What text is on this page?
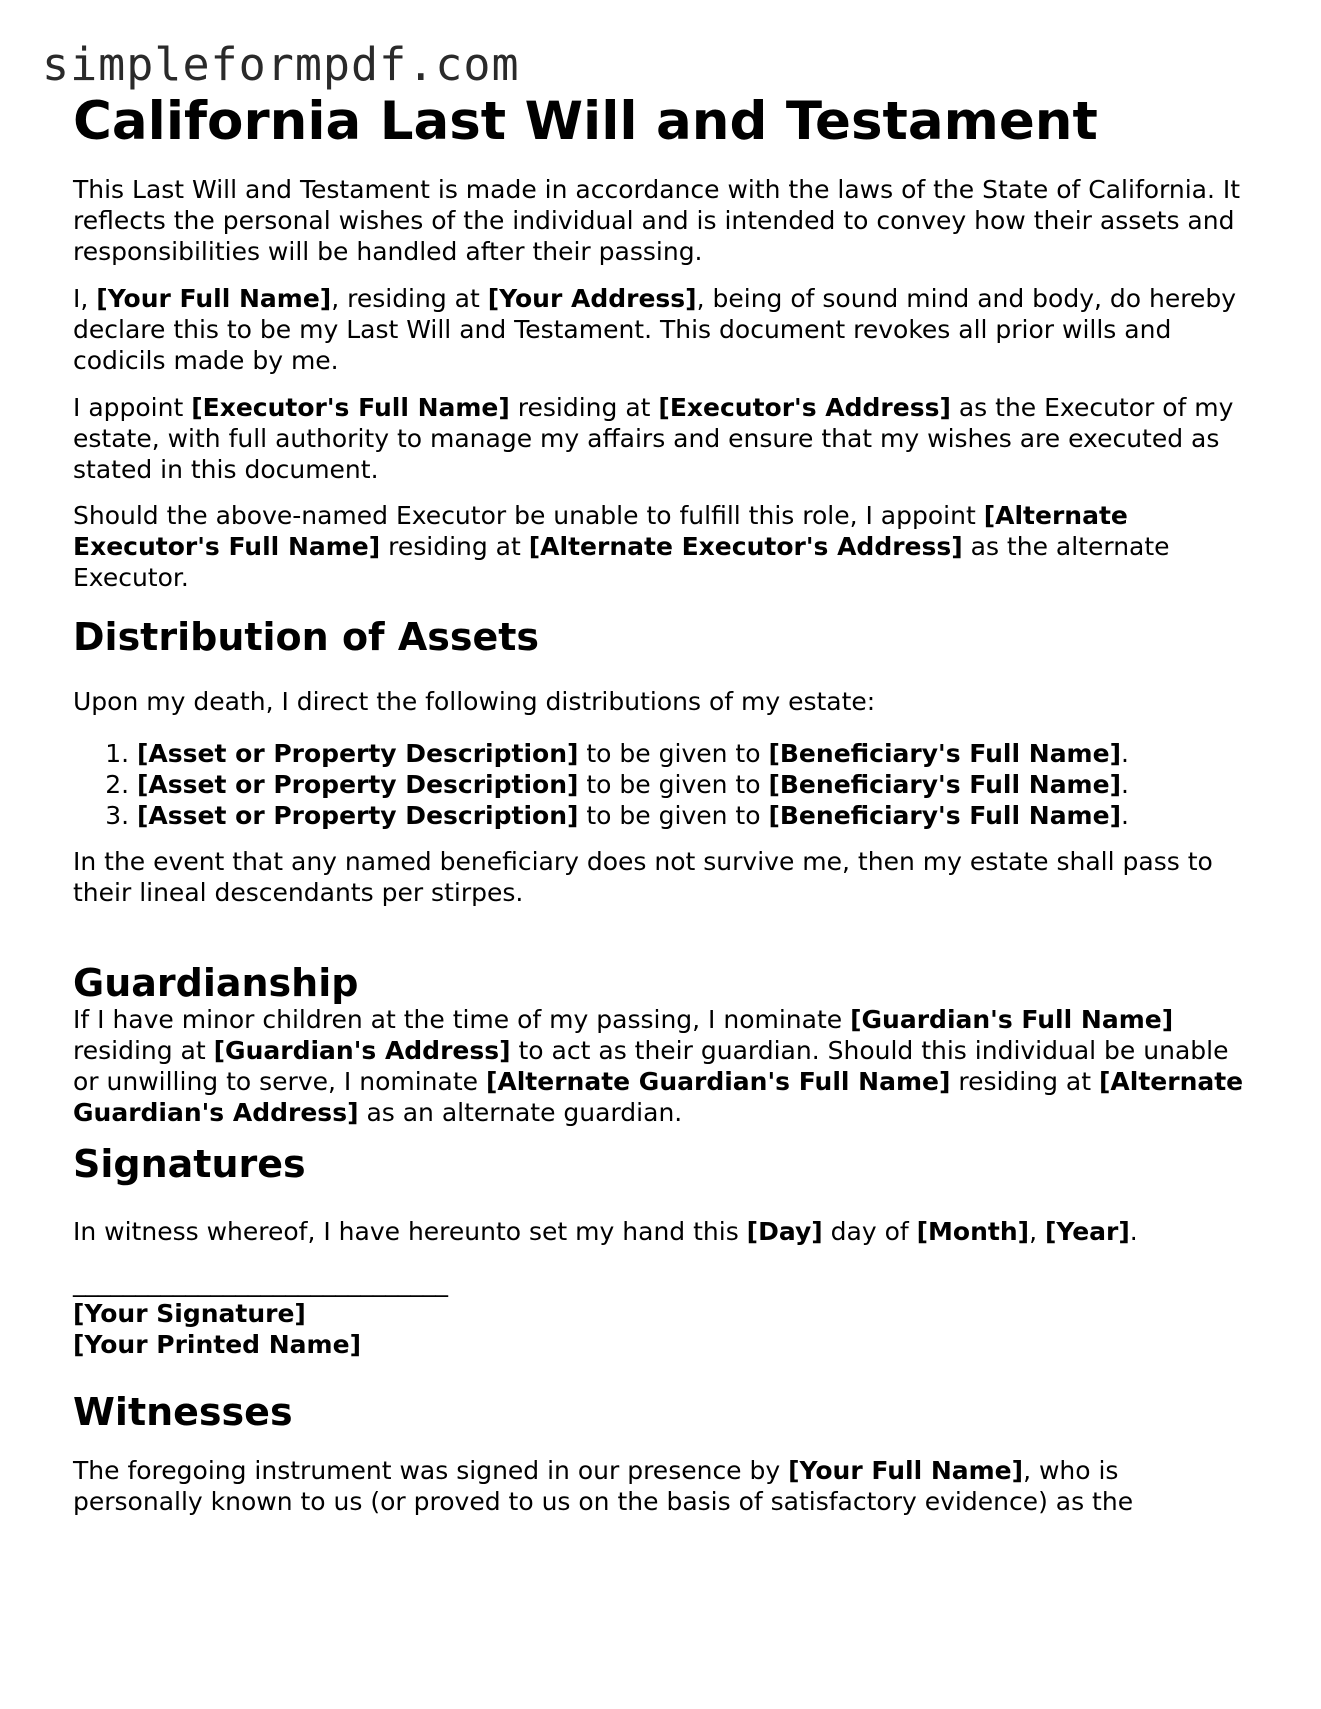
simpleformpdf.com
California Last Will and Testament

This Last Will and Testament is made in accordance with the laws of the State of California. It reflects the personal wishes of the individual and is intended to convey how their assets and responsibilities will be handled after their passing.

I, [Your Full Name], residing at [Your Address], being of sound mind and body, do hereby declare this to be my Last Will and Testament. This document revokes all prior wills and codicils made by me.

I appoint [Executor's Full Name] residing at [Executor's Address] as the Executor of my estate, with full authority to manage my affairs and ensure that my wishes are executed as stated in this document.

Should the above-named Executor be unable to fulfill this role, I appoint [Alternate Executor's Full Name] residing at [Alternate Executor's Address] as the alternate Executor.

Distribution of Assets

Upon my death, I direct the following distributions of my estate:

1. [Asset or Property Description] to be given to [Beneficiary's Full Name].
2. [Asset or Property Description] to be given to [Beneficiary's Full Name].
3. [Asset or Property Description] to be given to [Beneficiary's Full Name].

In the event that any named beneficiary does not survive me, then my estate shall pass to their lineal descendants per stirpes.

Guardianship

If I have minor children at the time of my passing, I nominate [Guardian's Full Name] residing at [Guardian's Address] to act as their guardian. Should this individual be unable or unwilling to serve, I nominate [Alternate Guardian's Full Name] residing at [Alternate Guardian's Address] as an alternate guardian.

Signatures

In witness whereof, I have hereunto set my hand this [Day] day of [Month], [Year].

______________________________
[Your Signature]
[Your Printed Name]
Witnesses

The foregoing instrument was signed in our presence by [Your Full Name], who is personally known to us (or proved to us on the basis of satisfactory evidence) as the
